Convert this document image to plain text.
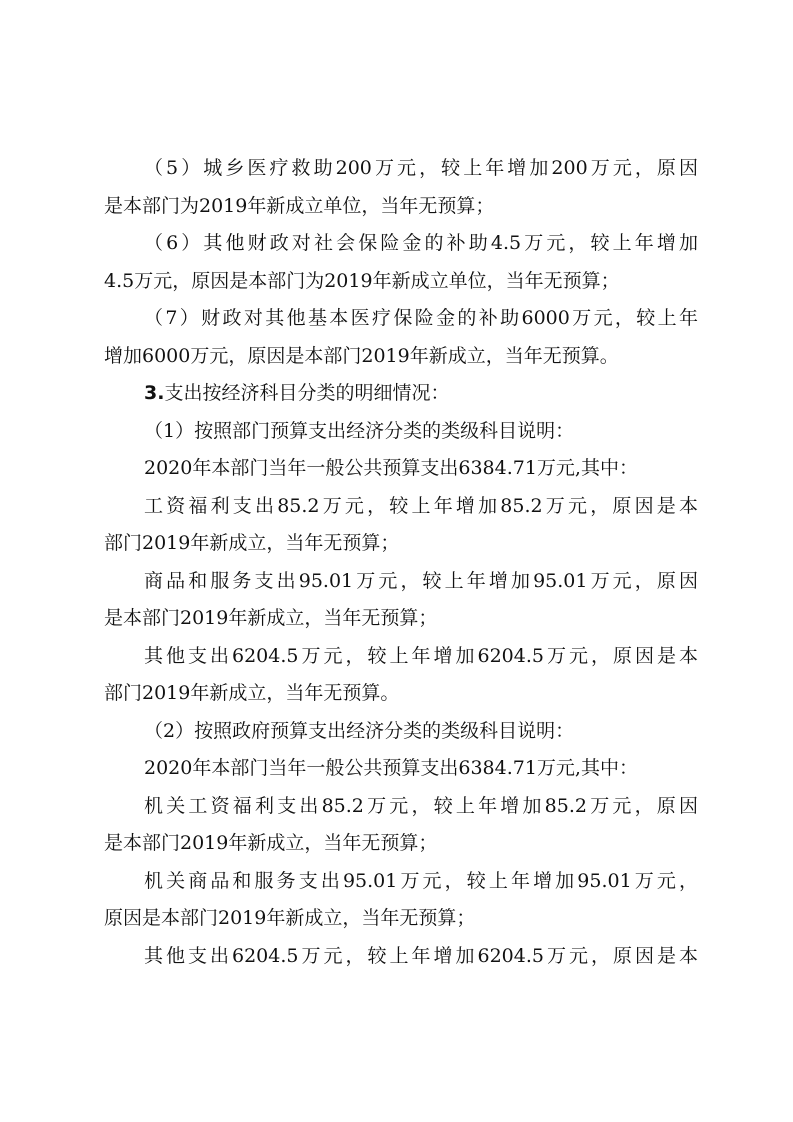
（5）城乡医疗救助200万元，较上年增加200万元，原因
是本部门为2019年新成立单位，当年无预算；
（6）其他财政对社会保险金的补助4.5万元，较上年增加
4.5万元，原因是本部门为2019年新成立单位，当年无预算；
（7）财政对其他基本医疗保险金的补助6000万元，较上年
增加6000万元，原因是本部门2019年新成立，当年无预算。
3.支出按经济科目分类的明细情况：
（1）按照部门预算支出经济分类的类级科目说明：
2020年本部门当年一般公共预算支出6384.71万元,其中：
工资福利支出85.2万元，较上年增加85.2万元，原因是本
部门2019年新成立，当年无预算；
商品和服务支出95.01万元，较上年增加95.01万元，原因
是本部门2019年新成立，当年无预算；
其他支出6204.5万元，较上年增加6204.5万元，原因是本
部门2019年新成立，当年无预算。
（2）按照政府预算支出经济分类的类级科目说明：
2020年本部门当年一般公共预算支出6384.71万元,其中：
机关工资福利支出85.2万元，较上年增加85.2万元，原因
是本部门2019年新成立，当年无预算；
机关商品和服务支出95.01万元，较上年增加95.01万元，
原因是本部门2019年新成立，当年无预算；
其他支出6204.5万元，较上年增加6204.5万元，原因是本
